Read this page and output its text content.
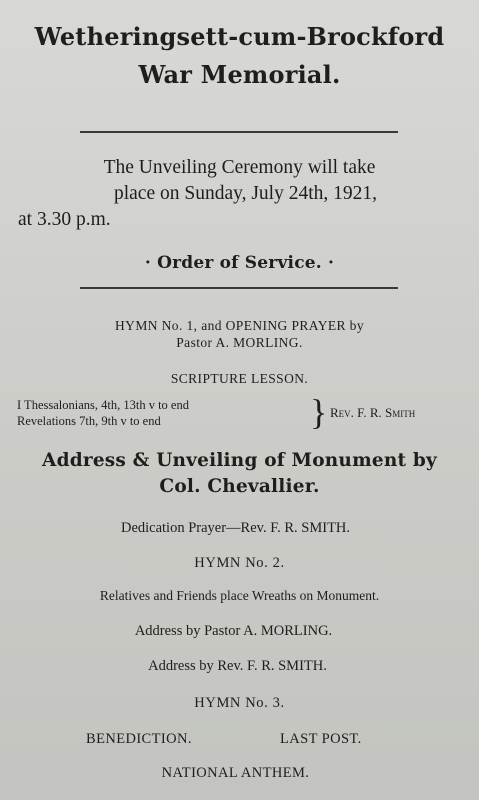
Wetheringsett-cum-Brockford
War Memorial.
The Unveiling Ceremony will take
place on Sunday, July 24th, 1921,
at 3.30 p.m.
· Order of Service. ·
HYMN No. 1, and OPENING PRAYER by
Pastor A. MORLING.
SCRIPTURE LESSON.
I Thessalonians, 4th, 13th v to end
Revelations 7th, 9th v to end	} Rev. F. R. Smith
Address & Unveiling of Monument by
Col. Chevallier.
Dedication Prayer—Rev. F. R. SMITH.
HYMN No. 2.
Relatives and Friends place Wreaths on Monument.
Address by Pastor A. MORLING.
Address by Rev. F. R. SMITH.
HYMN No. 3.
BENEDICTION.	LAST POST.
NATIONAL ANTHEM.
